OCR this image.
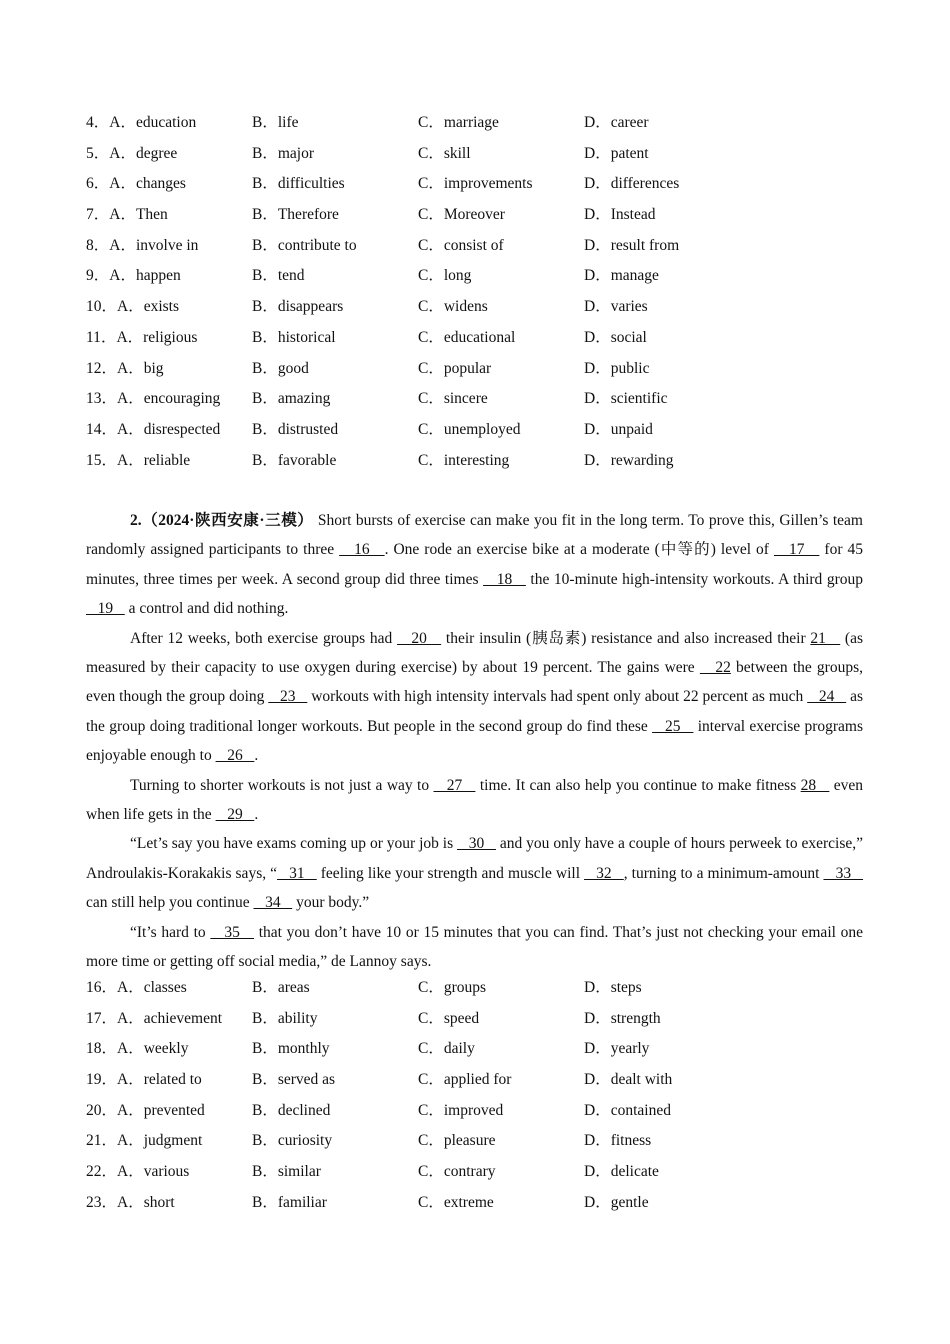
4．A．education	B．life	C．marriage	D．career
5．A．degree	B．major	C．skill	D．patent
6．A．changes	B．difficulties	C．improvements	D．differences
7．A．Then	B．Therefore	C．Moreover	D．Instead
8．A．involve in	B．contribute to	C．consist of	D．result from
9．A．happen	B．tend	C．long	D．manage
10．A．exists	B．disappears	C．widens	D．varies
11．A．religious	B．historical	C．educational	D．social
12．A．big	B．good	C．popular	D．public
13．A．encouraging B．amazing	C．sincere	D．scientific
14．A．disrespected B．distrusted	C．unemployed	D．unpaid
15．A．reliable	B．favorable	C．interesting	D．rewarding

2.（2024·陕西安康·三模） Short bursts of exercise can make you fit in the long term. To prove this, Gillen’s team randomly assigned participants to three    16   . One rode an exercise bike at a moderate (中等的) level of    17    for 45 minutes, three times per week. A second group did three times    18    the 10-minute high-intensity workouts. A third group    19    a control and did nothing.

After 12 weeks, both exercise groups had    20    their insulin (胰岛素) resistance and also increased their 21    (as measured by their capacity to use oxygen during exercise) by about 19 percent. The gains were    22 between the groups, even though the group doing    23    workouts with high intensity intervals had spent only about 22 percent as much    24    as the group doing traditional longer workouts. But people in the second group do find these    25    interval exercise programs enjoyable enough to    26   .

Turning to shorter workouts is not just a way to    27    time. It can also help you continue to make fitness 28    even when life gets in the    29   .

“Let’s say you have exams coming up or your job is    30    and you only have a couple of hours perweek to exercise,” Androulakis-Korakakis says, “   31    feeling like your strength and muscle will    32   , turning to a minimum-amount    33    can still help you continue    34    your body.”

“It’s hard to    35    that you don’t have 10 or 15 minutes that you can find. That’s just not checking your email one more time or getting off social media,” de Lannoy says.

16．A．classes	B．areas	C．groups	D．steps
17．A．achievement B．ability	C．speed	D．strength
18．A．weekly	B．monthly	C．daily	D．yearly
19．A．related to	B．served as	C．applied for	D．dealt with
20．A．prevented	B．declined	C．improved	D．contained
21．A．judgment	B．curiosity	C．pleasure	D．fitness
22．A．various	B．similar	C．contrary	D．delicate
23．A．short	B．familiar	C．extreme	D．gentle
